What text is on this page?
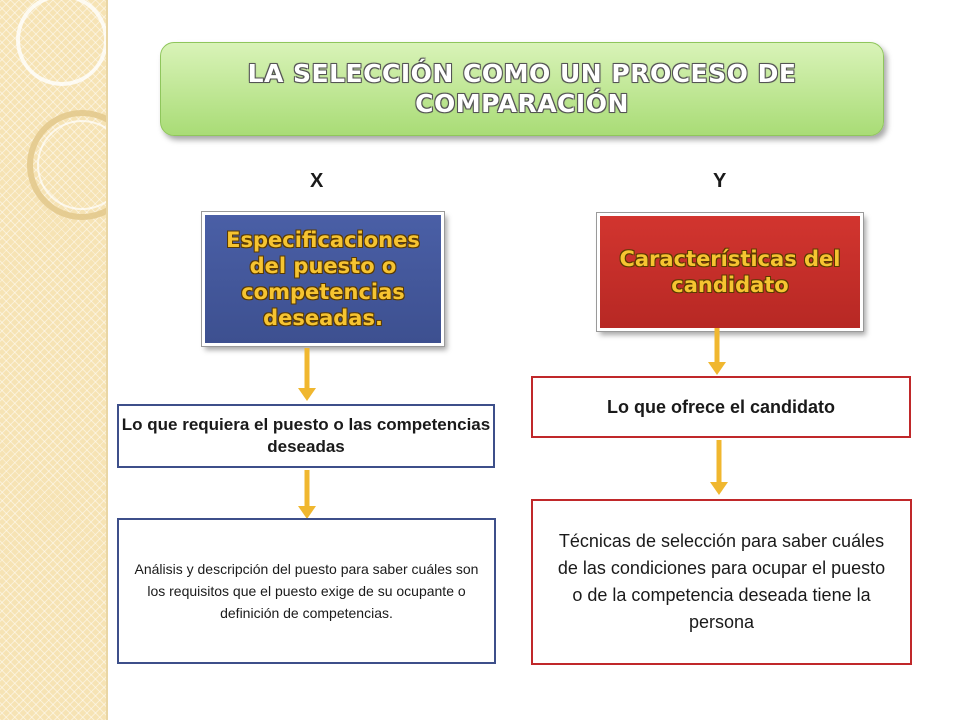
LA SELECCIÓN COMO UN PROCESO DE
COMPARACIÓN
X	Y
Especificaciones del puesto o competencias deseadas.
Características del candidato
Lo que requiera el puesto o las competencias deseadas
Lo que ofrece el candidato
Análisis y descripción del puesto para saber cuáles son los requisitos que el puesto exige de su ocupante o definición de competencias.
Técnicas de selección para saber cuáles de las condiciones para ocupar el puesto o de la competencia deseada tiene la persona
